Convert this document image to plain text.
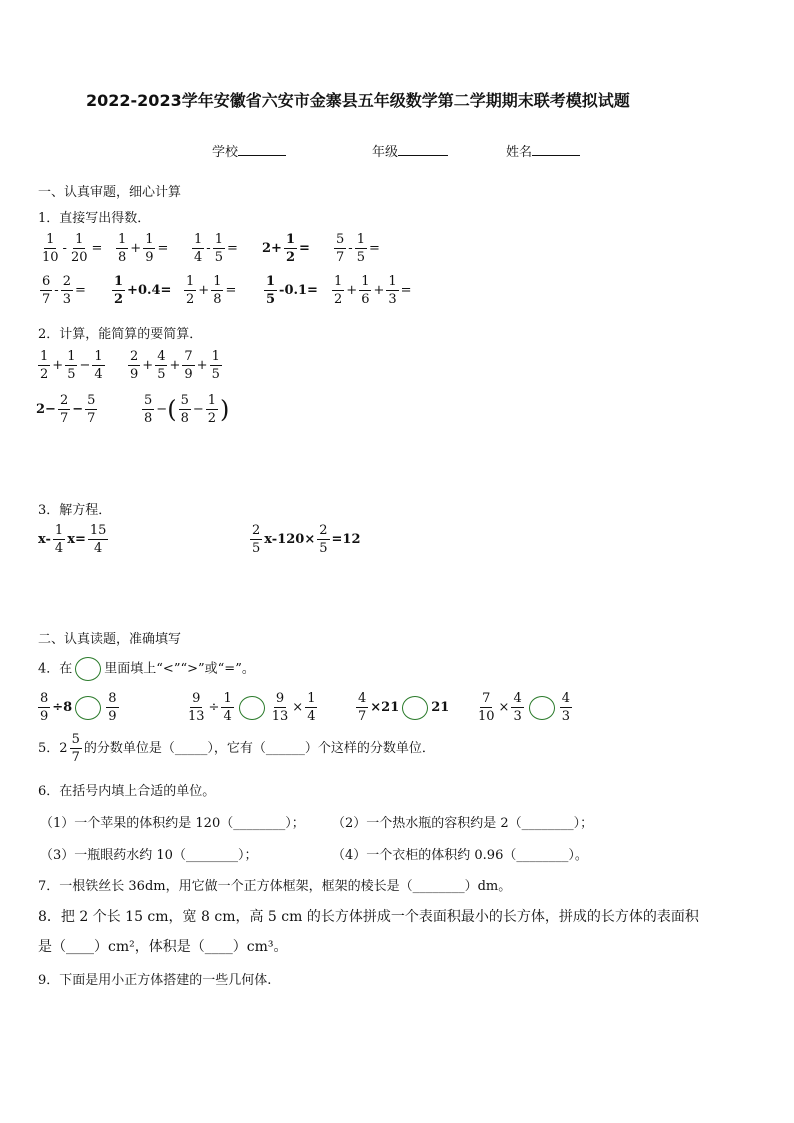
2022-2023学年安徽省六安市金寨县五年级数学第二学期期末联考模拟试题
学校	年级	姓名
一、认真审题，细心计算
1．直接写出得数．
$\frac{1}{10} - \frac{1}{20} = \frac{1}{8} + \frac{1}{9} = \frac{1}{4} - \frac{1}{5} = 2+ \frac{1}{2} = \frac{5}{7} - \frac{1}{5}$ =
$\frac{6}{7} - \frac{2}{3} = \frac{1}{2} +0.4= \frac{1}{2} + \frac{1}{8} = \frac{1}{5} -0.1= \frac{1}{2} + \frac{1}{6} + \frac{1}{3}$ =
2．计算，能简算的要简算．
$\frac{1}{2} + \frac{1}{5} - \frac{1}{4} \frac{2}{9} + \frac{4}{5} + \frac{7}{9} + \frac{1}{5}$
$2- \frac{2}{7} - \frac{5}{7}$	$\frac{5}{8}$ −( $\frac{5}{8} - \frac{1}{2}$ )
3．解方程．
$x- \frac{1}{4} x= \frac{15}{4}$	$\frac{2}{5} x-120\times \frac{2}{5} =12$
二、认真读题，准确填写
4．在 里面填上“<”“>”或“=”。
$\frac{8}{9} \div 8$	$\frac{8}{9}$	$\frac{9}{13} \div \frac{1}{4}$	$\frac{9}{13} \times \frac{1}{4}$	$\frac{4}{7} \times 21$ $21 \frac{7}{10} \times \frac{4}{3}$	$\frac{4}{3}$
5． $2 \frac{5}{7}$ 的分数单位是（_____），它有（______）个这样的分数单位．
6．在括号内填上合适的单位。
（1）一个苹果的体积约是 120（________）； （2）一个热水瓶的容积约是 2（________）；
（3）一瓶眼药水约 10（________）；	（4）一个衣柜的体积约 0.96（________）。
7．一根铁丝长 36dm，用它做一个正方体框架，框架的棱长是（________）dm。
8．把 2 个长 15 cm，宽 8 cm，高 5 cm 的长方体拼成一个表面积最小的长方体，拼成的长方体的表面积
是（____）cm²，体积是（____）cm³。
9．下面是用小正方体搭建的一些几何体.
